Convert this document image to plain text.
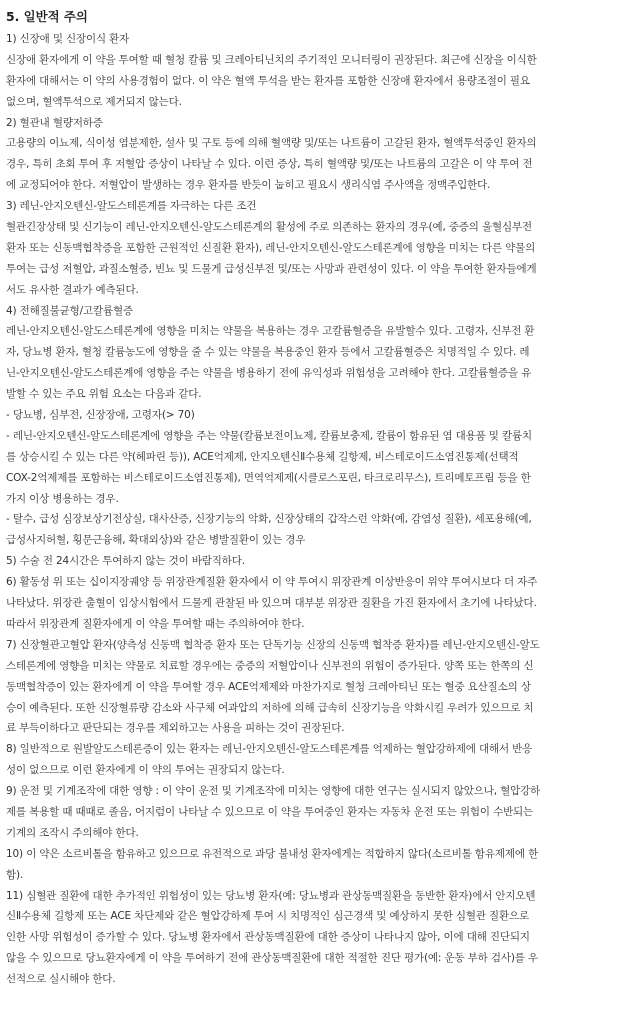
5. 일반적 주의
1) 신장애 및 신장이식 환자
신장애 환자에게 이 약을 투여할 때 혈청 칼륨 및 크레아티닌치의 주기적인 모니터링이 권장된다. 최근에 신장을 이식한
환자에 대해서는 이 약의 사용경험이 없다. 이 약은 혈액 투석을 받는 환자를 포함한 신장애 환자에서 용량조절이 필요
없으며, 혈액투석으로 제거되지 않는다.
2) 혈관내 혈량저하증
고용량의 이뇨제, 식이성 염분제한, 설사 및 구토 등에 의해 혈액량 및/또는 나트륨이 고갈된 환자, 혈액투석중인 환자의
경우, 특히 초회 투여 후 저혈압 증상이 나타날 수 있다. 이런 증상, 특히 혈액량 및/또는 나트륨의 고갈은 이 약 투여 전
에 교정되어야 한다. 저혈압이 발생하는 경우 환자를 반듯이 눕히고 필요시 생리식염 주사액을 정맥주입한다.
3) 레닌-안지오텐신-알도스테론계를 자극하는 다른 조건
혈관긴장상태 및 신기능이 레닌-안지오텐신-알도스테론계의 활성에 주로 의존하는 환자의 경우(예, 중증의 울혈심부전
환자 또는 신동맥협착증을 포함한 근원적인 신질환 환자), 레닌-안지오텐신-알도스테론계에 영향을 미치는 다른 약물의
투여는 급성 저혈압, 과질소혈증, 빈뇨 및 드물게 급성신부전 및/또는 사망과 관련성이 있다. 이 약을 투여한 환자들에게
서도 유사한 결과가 예측된다.
4) 전해질불균형/고칼륨혈증
레닌-안지오텐신-알도스테론계에 영향을 미치는 약물을 복용하는 경우 고칼륨혈증을 유발할수 있다. 고령자, 신부전 환
자, 당뇨병 환자, 혈청 칼륨농도에 영향을 줄 수 있는 약물을 복용중인 환자 등에서 고칼륨혈증은 치명적일 수 있다. 레
닌-안지오텐신-알도스테론계에 영향을 주는 약물을 병용하기 전에 유익성과 위험성을 고려해야 한다. 고칼륨혈증을 유
발할 수 있는 주요 위험 요소는 다음과 같다.
- 당뇨병, 심부전, 신장장애, 고령자(> 70)
- 레닌-안지오텐신-알도스테론계에 영향을 주는 약물(칼륨보전이뇨제, 칼륨보충제, 칼륨이 함유된 염 대용품 및 칼륨치
를 상승시킬 수 있는 다른 약(헤파린 등)), ACE억제제, 안지오텐신Ⅱ수용체 길항제, 비스테로이드소염진통제(선택적
COX-2억제제를 포함하는 비스테로이드소염진통제), 면역억제제(시클로스포린, 타크로리무스), 트리메토프림 등을 한
가지 이상 병용하는 경우.
- 탈수, 급성 심장보상기전상실, 대사산증, 신장기능의 악화, 신장상태의 갑작스런 악화(예, 감염성 질환), 세포용해(예,
급성사지허혈, 횡문근융해, 확대외상)와 같은 병발질환이 있는 경우
5) 수술 전 24시간은 투여하지 않는 것이 바람직하다.
6) 활동성 위 또는 십이지장궤양 등 위장관계질환 환자에서 이 약 투여시 위장관계 이상반응이 위약 투여시보다 더 자주
나타났다. 위장관 출혈이 임상시험에서 드물게 관찰된 바 있으며 대부분 위장관 질환을 가진 환자에서 초기에 나타났다.
따라서 위장관계 질환자에게 이 약을 투여할 때는 주의하여야 한다.
7) 신장혈관고혈압 환자(양측성 신동맥 협착증 환자 또는 단독기능 신장의 신동맥 협착증 환자)를 레닌-안지오텐신-알도
스테론계에 영향을 미치는 약물로 치료할 경우에는 중증의 저혈압이나 신부전의 위험이 증가된다. 양쪽 또는 한쪽의 신
동맥협착증이 있는 환자에게 이 약을 투여할 경우 ACE억제제와 마찬가지로 혈청 크레아티닌 또는 혈중 요산질소의 상
승이 예측된다. 또한 신장혈류량 감소와 사구체 여과압의 저하에 의해 급속히 신장기능을 악화시킬 우려가 있으므로 치
료 부득이하다고 판단되는 경우를 제외하고는 사용을 피하는 것이 권장된다.
8) 일반적으로 원발알도스테론증이 있는 환자는 레닌-안지오텐신-알도스테론계를 억제하는 혈압강하제에 대해서 반응
성이 없으므로 이런 환자에게 이 약의 투여는 권장되지 않는다.
9) 운전 및 기계조작에 대한 영향 : 이 약이 운전 및 기계조작에 미치는 영향에 대한 연구는 실시되지 않았으나, 혈압강하
제를 복용할 때 때때로 졸음, 어지럼이 나타날 수 있으므로 이 약을 투여중인 환자는 자동차 운전 또는 위험이 수반되는
기계의 조작시 주의해야 한다.
10) 이 약은 소르비톨을 함유하고 있으므로 유전적으로 과당 불내성 환자에게는 적합하지 않다(소르비톨 함유제제에 한
함).
11) 심혈관 질환에 대한 추가적인 위험성이 있는 당뇨병 환자(예: 당뇨병과 관상동맥질환을 동반한 환자)에서 안지오텐
신Ⅱ수용체 길항제 또는 ACE 차단제와 같은 혈압강하제 투여 시 치명적인 심근경색 및 예상하지 못한 심혈관 질환으로
인한 사망 위험성이 증가할 수 있다. 당뇨병 환자에서 관상동맥질환에 대한 증상이 나타나지 않아, 이에 대해 진단되지
않을 수 있으므로 당뇨환자에게 이 약을 투여하기 전에 관상동맥질환에 대한 적절한 진단 평가(예: 운동 부하 검사)를 우
선적으로 실시해야 한다.
